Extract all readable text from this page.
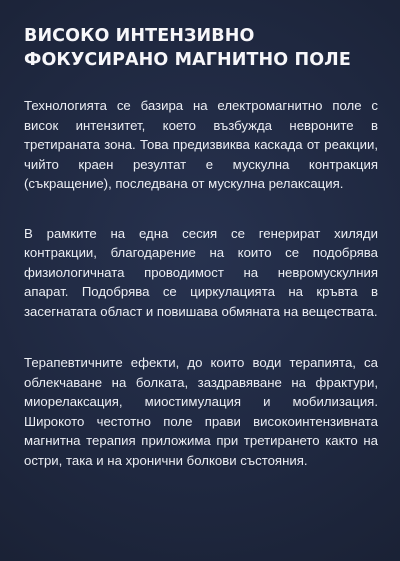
ВИСОКО ИНТЕНЗИВНО
ФОКУСИРАНО МАГНИТНО ПОЛЕ

Технологията се базира на електромагнитно поле с висок интензитет, което възбужда невроните в третираната зона. Това предизвиква каскада от реакции, чийто краен резултат е мускулна контракция (съкращение), последвана от мускулна релаксация.

В рамките на една сесия се генерират хиляди контракции, благодарение на които се подобрява физиологичната проводимост на невромускулния апарат. Подобрява се циркулацията на кръвта в засегнатата област и повишава обмяната на веществата.

Терапевтичните ефекти, до които води терапията, са облекчаване на болката, заздравяване на фрактури, миорелаксация, миостимулация и мобилизация. Широкото честотно поле прави високоинтензивната магнитна терапия приложима при третирането както на остри, така и на хронични болкови състояния.
